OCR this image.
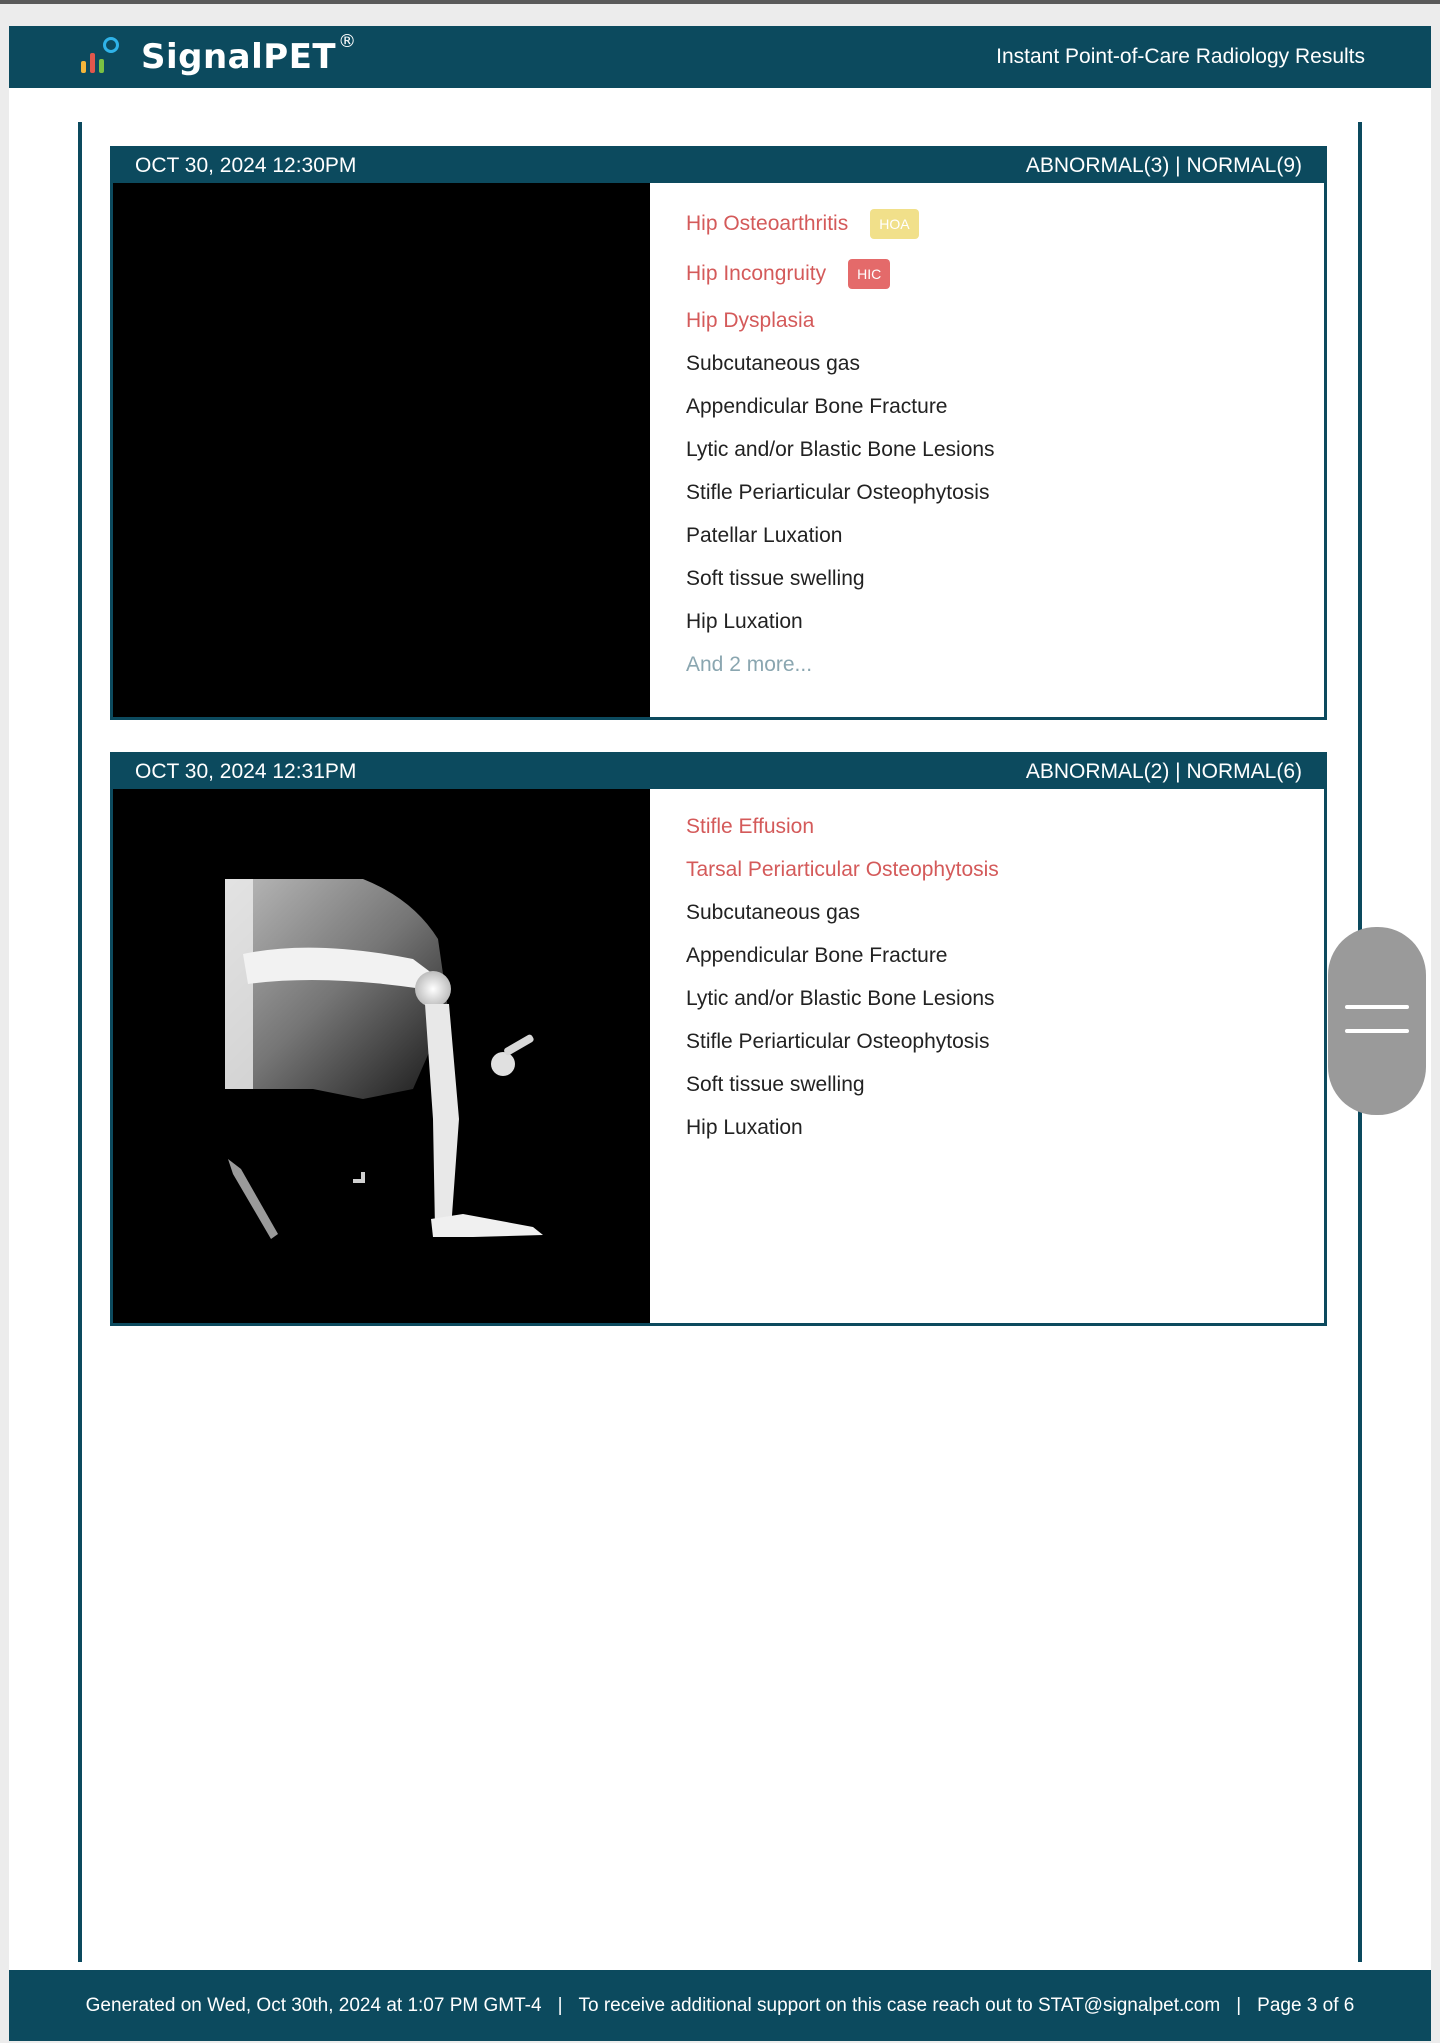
SignalPET ®
Instant Point-of-Care Radiology Results
OCT 30, 2024 12:30PM	ABNORMAL(3) | NORMAL(9)
Hip Osteoarthritis	HOA
Hip Incongruity	HIC
Hip Dysplasia
Subcutaneous gas
Appendicular Bone Fracture
Lytic and/or Blastic Bone Lesions
Stifle Periarticular Osteophytosis
Patellar Luxation
Soft tissue swelling
Hip Luxation
And 2 more...
OCT 30, 2024 12:31PM	ABNORMAL(2) | NORMAL(6)
Stifle Effusion
Tarsal Periarticular Osteophytosis
Subcutaneous gas
Appendicular Bone Fracture
Lytic and/or Blastic Bone Lesions
Stifle Periarticular Osteophytosis
Soft tissue swelling
Hip Luxation
Generated on Wed, Oct 30th, 2024 at 1:07 PM GMT-4 | To receive additional support on this case reach out to STAT@signalpet.com | Page 3 of 6
